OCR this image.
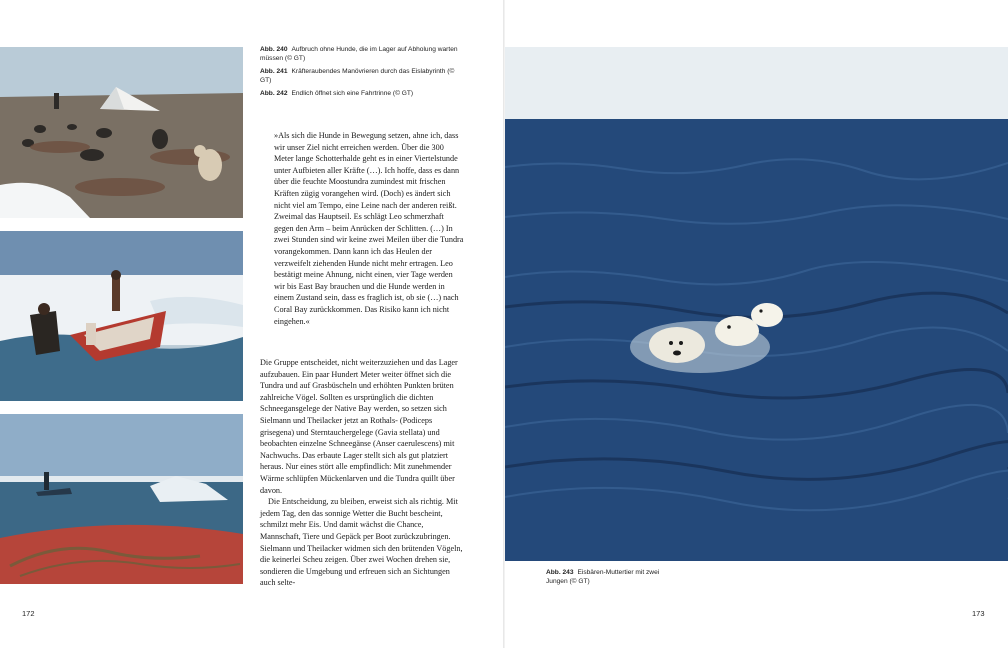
Abb. 240 Aufbruch ohne Hunde, die im Lager auf Abholung warten müssen (© GT)
Abb. 241 Kräfteraubendes Manövrieren durch das Eislabyrinth (© GT)
Abb. 242 Endlich öffnet sich eine Fahrtrinne (© GT)
»Als sich die Hunde in Bewegung setzen, ahne ich, dass wir unser Ziel nicht erreichen werden. Über die 300 Meter lange Schotterhalde geht es in einer Viertelstunde unter Aufbieten aller Kräfte (…). Ich hoffe, dass es dann über die feuchte Moostundra zumindest mit frischen Kräften zügig vorangehen wird. (Doch) es ändert sich nicht viel am Tempo, eine Leine nach der anderen reißt. Zweimal das Hauptseil. Es schlägt Leo schmerzhaft gegen den Arm – beim Anrücken der Schlitten. (…) In zwei Stunden sind wir keine zwei Meilen über die Tundra vorangekommen. Dann kann ich das Heulen der verzweifelt ziehenden Hunde nicht mehr ertragen. Leo bestätigt meine Ahnung, nicht einen, vier Tage werden wir bis East Bay brauchen und die Hunde werden in einem Zustand sein, dass es fraglich ist, ob sie (…) nach Coral Bay zurückkommen. Das Risiko kann ich nicht eingehen.«

Die Gruppe entscheidet, nicht weiterzuziehen und das Lager aufzubauen. Ein paar Hundert Meter weiter öffnet sich die Tundra und auf Grasbüscheln und erhöhten Punkten brüten zahlreiche Vögel. Sollten es ursprünglich die dichten Schneegansgelege der Native Bay werden, so setzen sich Sielmann und Theilacker jetzt an Rothals- (Podiceps grisegena) und Sterntauchergelege (Gavia stellata) und beobachten einzelne Schneegänse (Anser caerulescens) mit Nachwuchs. Das erbaute Lager stellt sich als gut platziert heraus. Nur eines stört alle empfindlich: Mit zunehmender Wärme schlüpfen Mückenlarven und die Tundra quillt über davon.

Die Entscheidung, zu bleiben, erweist sich als richtig. Mit jedem Tag, den das sonnige Wetter die Bucht bescheint, schmilzt mehr Eis. Und damit wächst die Chance, Mannschaft, Tiere und Gepäck per Boot zurückzubringen. Sielmann und Theilacker widmen sich den brütenden Vögeln, die keinerlei Scheu zeigen. Über zwei Wochen drehen sie, sondieren die Umgebung und erfreuen sich an Sichtungen auch selte-

Abb. 243 Eisbären-Muttertier mit zwei Jungen (© GT)
172	173
